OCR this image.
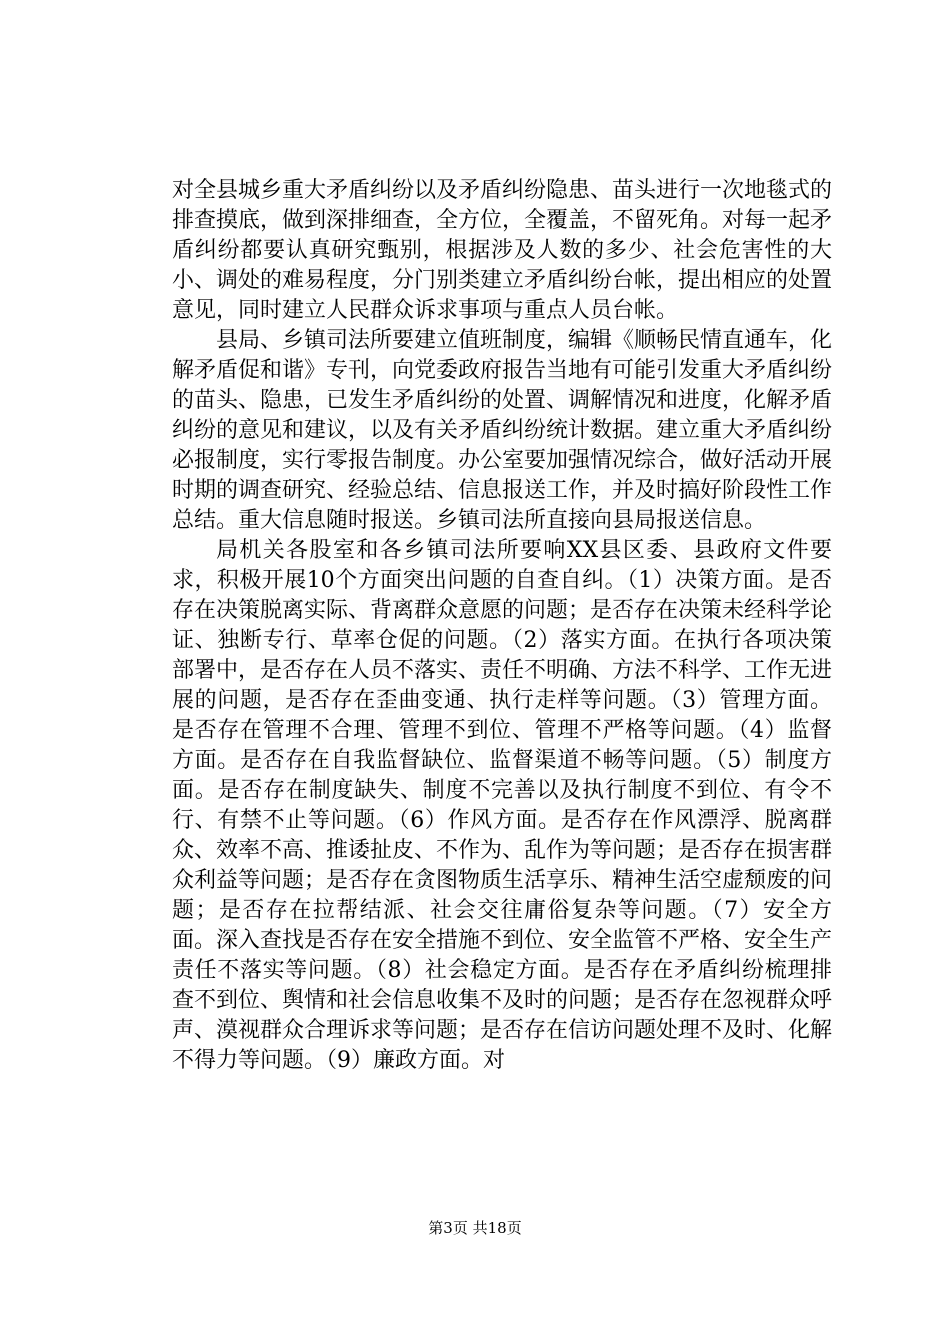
对全县城乡重大矛盾纠纷以及矛盾纠纷隐患、苗头进行一次地毯式的排查摸底，做到深排细查，全方位，全覆盖，不留死角。对每一起矛盾纠纷都要认真研究甄别，根据涉及人数的多少、社会危害性的大小、调处的难易程度，分门别类建立矛盾纠纷台帐，提出相应的处置意见，同时建立人民群众诉求事项与重点人员台帐。

县局、乡镇司法所要建立值班制度，编辑《顺畅民情直通车，化解矛盾促和谐》专刊，向党委政府报告当地有可能引发重大矛盾纠纷的苗头、隐患，已发生矛盾纠纷的处置、调解情况和进度，化解矛盾纠纷的意见和建议，以及有关矛盾纠纷统计数据。建立重大矛盾纠纷必报制度，实行零报告制度。办公室要加强情况综合，做好活动开展时期的调查研究、经验总结、信息报送工作，并及时搞好阶段性工作总结。重大信息随时报送。乡镇司法所直接向县局报送信息。

局机关各股室和各乡镇司法所要响XX县区委、县政府文件要求，积极开展10个方面突出问题的自查自纠。（1）决策方面。是否存在决策脱离实际、背离群众意愿的问题；是否存在决策未经科学论证、独断专行、草率仓促的问题。（2）落实方面。在执行各项决策部署中，是否存在人员不落实、责任不明确、方法不科学、工作无进展的问题，是否存在歪曲变通、执行走样等问题。（3）管理方面。是否存在管理不合理、管理不到位、管理不严格等问题。（4）监督方面。是否存在自我监督缺位、监督渠道不畅等问题。（5）制度方面。是否存在制度缺失、制度不完善以及执行制度不到位、有令不行、有禁不止等问题。（6）作风方面。是否存在作风漂浮、脱离群众、效率不高、推诿扯皮、不作为、乱作为等问题；是否存在损害群众利益等问题；是否存在贪图物质生活享乐、精神生活空虚颓废的问题；是否存在拉帮结派、社会交往庸俗复杂等问题。（7）安全方面。深入查找是否存在安全措施不到位、安全监管不严格、安全生产责任不落实等问题。（8）社会稳定方面。是否存在矛盾纠纷梳理排查不到位、舆情和社会信息收集不及时的问题；是否存在忽视群众呼声、漠视群众合理诉求等问题；是否存在信访问题处理不及时、化解不得力等问题。（9）廉政方面。对

第3页 共18页
